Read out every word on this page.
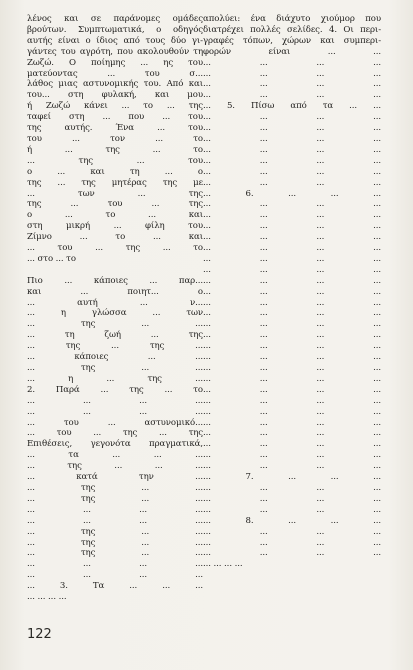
λένος και σε παράνομες ομάδες

βρούτων. Συμπτωματικά, ο οδηγός

αυτής είναι ο ίδιος από τους δύο γι-

γάντες του αγρότη, που ακολουθούν τη

Ζωζώ. Ο ποίημης ... ης του

ματεύοντας ... του σ...

λάθος μιας αστυνομικής του. Από και

του... στη φυλακή, και μου

ή Ζωζώ κάνει ... το ... της

ταφεί στη ... που ... του

της αυτής. Ένα ... του

του ... τον ... το

ή ... της ... το

... της ... του

ο ... και τη ... ο

της ... της μητέρας της με

... των ... της

της ... του ... της

ο ... το ... και

στη μικρή ... φίλη του

Ζίμνο ... το ... και

... του ... της ... το

... στο ... το

Πιο ... κάποιες ... παρ...

και ... ποιητ... ο

... αυτή ... ν...

... η γλώσσα ... των

... της ... ...

... τη ζωή ... της

... της ... της ...

... κάποιες ... ...

... της ... ...

... η ... της ...

2. Παρά ... της ... το

... ... ... ...

... ... ... ...

... του ... αστυνομικό...

... του ... της ... της

Επιθέσεις, γεγονότα πραγματικά,

... τα ... ... ...

... της ... ... ...

... κατά την ...

... της ... ...

... της ... ...

... ... ... ...

... ... ... ...

... της ... ...

... της ... ...

... της ... ...

... ... ... ...

... ... ... ...

... 3. Τα ... ... ...

... ... ... ...

απολύει: ένα διάχυτο χιούμορ που

διατρέχει πολλές σελίδες. 4. Οι περι-

γραφές τόπων, χώρων και συμπερι-

φορών είναι ... ...

... ... ... ...

... ... ... ...

... ... ... ...

... ... ... ...

... 5. Πίσω από τα ... ...

... ... ... ...

... ... ... ...

... ... ... ...

... ... ... ...

... ... ... ...

... ... ... ...

... ... ... ...

... 6. ... ... ...

... ... ... ...

... ... ... ...

... ... ... ...

... ... ... ...

... ... ... ...

... ... ... ...

... ... ... ...

... ... ... ...

... ... ... ...

... ... ... ...

... ... ... ...

... ... ... ...

... ... ... ...

... ... ... ...

... ... ... ...

... ... ... ...

... ... ... ...

... ... ... ...

... ... ... ...

... ... ... ...

... ... ... ...

... ... ... ...

... ... ... ...

... ... ... ...

... ... ... ...

... 7. ... ... ...

... ... ... ...

... ... ... ...

... ... ... ...

... 8. ... ... ...

... ... ... ...

... ... ... ...

... ... ... ...

... ... ... ...

122
